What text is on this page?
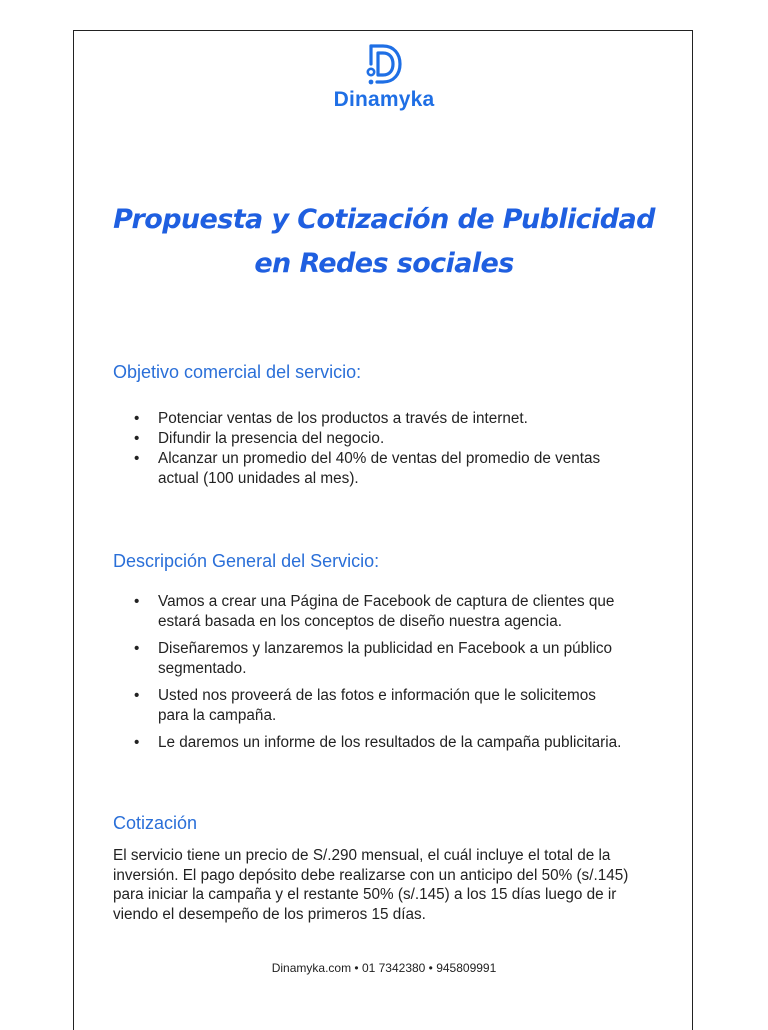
Dinamyka
Propuesta y Cotización de Publicidad
en Redes sociales
Objetivo comercial del servicio:
• Potenciar ventas de los productos a través de internet.
• Difundir la presencia del negocio.
• Alcanzar un promedio del 40% de ventas del promedio de ventas actual (100 unidades al mes).
Descripción General del Servicio:
• Vamos a crear una Página de Facebook de captura de clientes que estará basada en los conceptos de diseño nuestra agencia.
• Diseñaremos y lanzaremos la publicidad en Facebook a un público segmentado.
• Usted nos proveerá de las fotos e información que le solicitemos para la campaña.
• Le daremos un informe de los resultados de la campaña publicitaria.
Cotización
El servicio tiene un precio de S/.290 mensual, el cuál incluye el total de la inversión. El pago depósito debe realizarse con un anticipo del 50% (s/.145) para iniciar la campaña y el restante 50% (s/.145) a los 15 días luego de ir viendo el desempeño de los primeros 15 días.
Dinamyka.com • 01 7342380 • 945809991
